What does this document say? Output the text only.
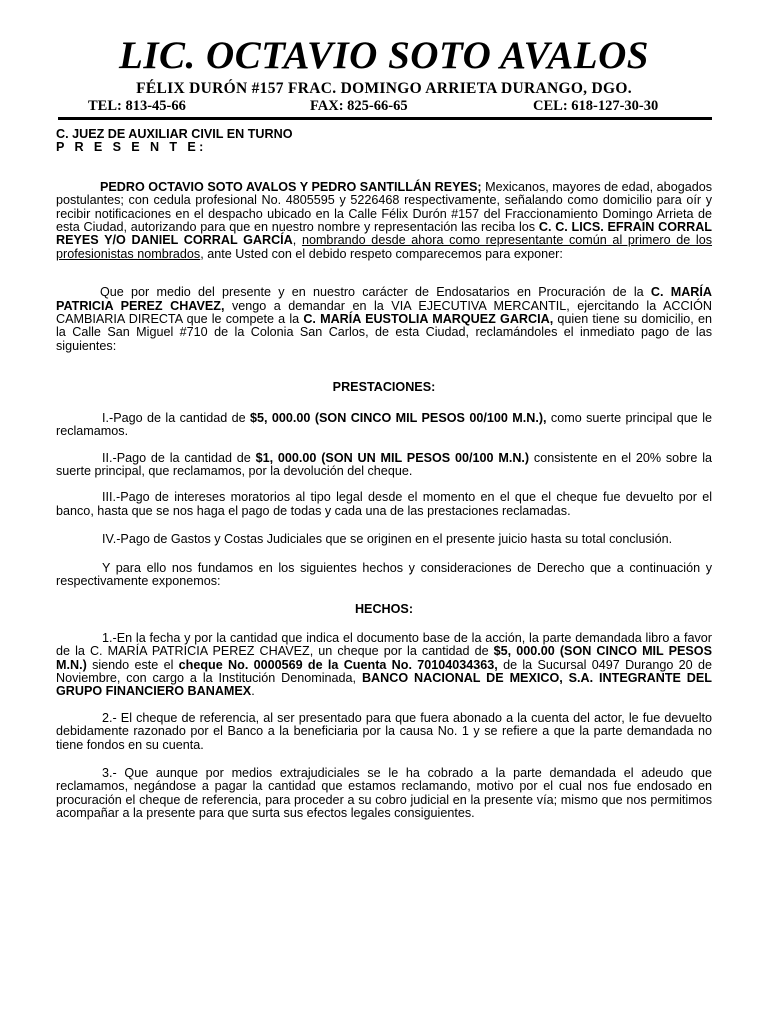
LIC. OCTAVIO SOTO AVALOS
FÉLIX DURÓN #157 FRAC. DOMINGO ARRIETA DURANGO, DGO.
TEL: 813-45-66	FAX: 825-66-65	CEL: 618-127-30-30

C. JUEZ DE AUXILIAR CIVIL EN TURNO

P R E S E N T E:

PEDRO OCTAVIO SOTO AVALOS Y PEDRO SANTILLÁN REYES; Mexicanos, mayores de edad, abogados postulantes; con cedula profesional No. 4805595 y 5226468 respectivamente, señalando como domicilio para oír y recibir notificaciones en el despacho ubicado en la Calle Félix Durón #157 del Fraccionamiento Domingo Arrieta de esta Ciudad, autorizando para que en nuestro nombre y representación las reciba los C. C. LICS. EFRAIN CORRAL REYES Y/O DANIEL CORRAL GARCÍA, nombrando desde ahora como representante común al primero de los profesionistas nombrados, ante Usted con el debido respeto comparecemos para exponer:

Que por medio del presente y en nuestro carácter de Endosatarios en Procuración de la C. MARÍA PATRICIA PEREZ CHAVEZ, vengo a demandar en la VIA EJECUTIVA MERCANTIL, ejercitando la ACCIÓN CAMBIARIA DIRECTA que le compete a la C. MARÍA EUSTOLIA MARQUEZ GARCIA, quien tiene su domicilio, en la Calle San Miguel #710 de la Colonia San Carlos, de esta Ciudad, reclamándoles el inmediato pago de las siguientes:

PRESTACIONES:

I.-Pago de la cantidad de $5, 000.00 (SON CINCO MIL PESOS 00/100 M.N.), como suerte principal que le reclamamos.

II.-Pago de la cantidad de $1, 000.00 (SON UN MIL PESOS 00/100 M.N.) consistente en el 20% sobre la suerte principal, que reclamamos, por la devolución del cheque.

III.-Pago de intereses moratorios al tipo legal desde el momento en el que el cheque fue devuelto por el banco, hasta que se nos haga el pago de todas y cada una de las prestaciones reclamadas.

IV.-Pago de Gastos y Costas Judiciales que se originen en el presente juicio hasta su total conclusión.

Y para ello nos fundamos en los siguientes hechos y consideraciones de Derecho que a continuación y respectivamente exponemos:

HECHOS:

1.-En la fecha y por la cantidad que indica el documento base de la acción, la parte demandada libro a favor de la C. MARÍA PATRICIA PEREZ CHAVEZ, un cheque por la cantidad de $5, 000.00 (SON CINCO MIL PESOS M.N.) siendo este el cheque No. 0000569 de la Cuenta No. 70104034363, de la Sucursal 0497 Durango 20 de Noviembre, con cargo a la Institución Denominada, BANCO NACIONAL DE MEXICO, S.A. INTEGRANTE DEL GRUPO FINANCIERO BANAMEX.

2.- El cheque de referencia, al ser presentado para que fuera abonado a la cuenta del actor, le fue devuelto debidamente razonado por el Banco a la beneficiaria por la causa No. 1 y se refiere a que la parte demandada no tiene fondos en su cuenta.

3.- Que aunque por medios extrajudiciales se le ha cobrado a la parte demandada el adeudo que reclamamos, negándose a pagar la cantidad que estamos reclamando, motivo por el cual nos fue endosado en procuración el cheque de referencia, para proceder a su cobro judicial en la presente vía; mismo que nos permitimos acompañar a la presente para que surta sus efectos legales consiguientes.
